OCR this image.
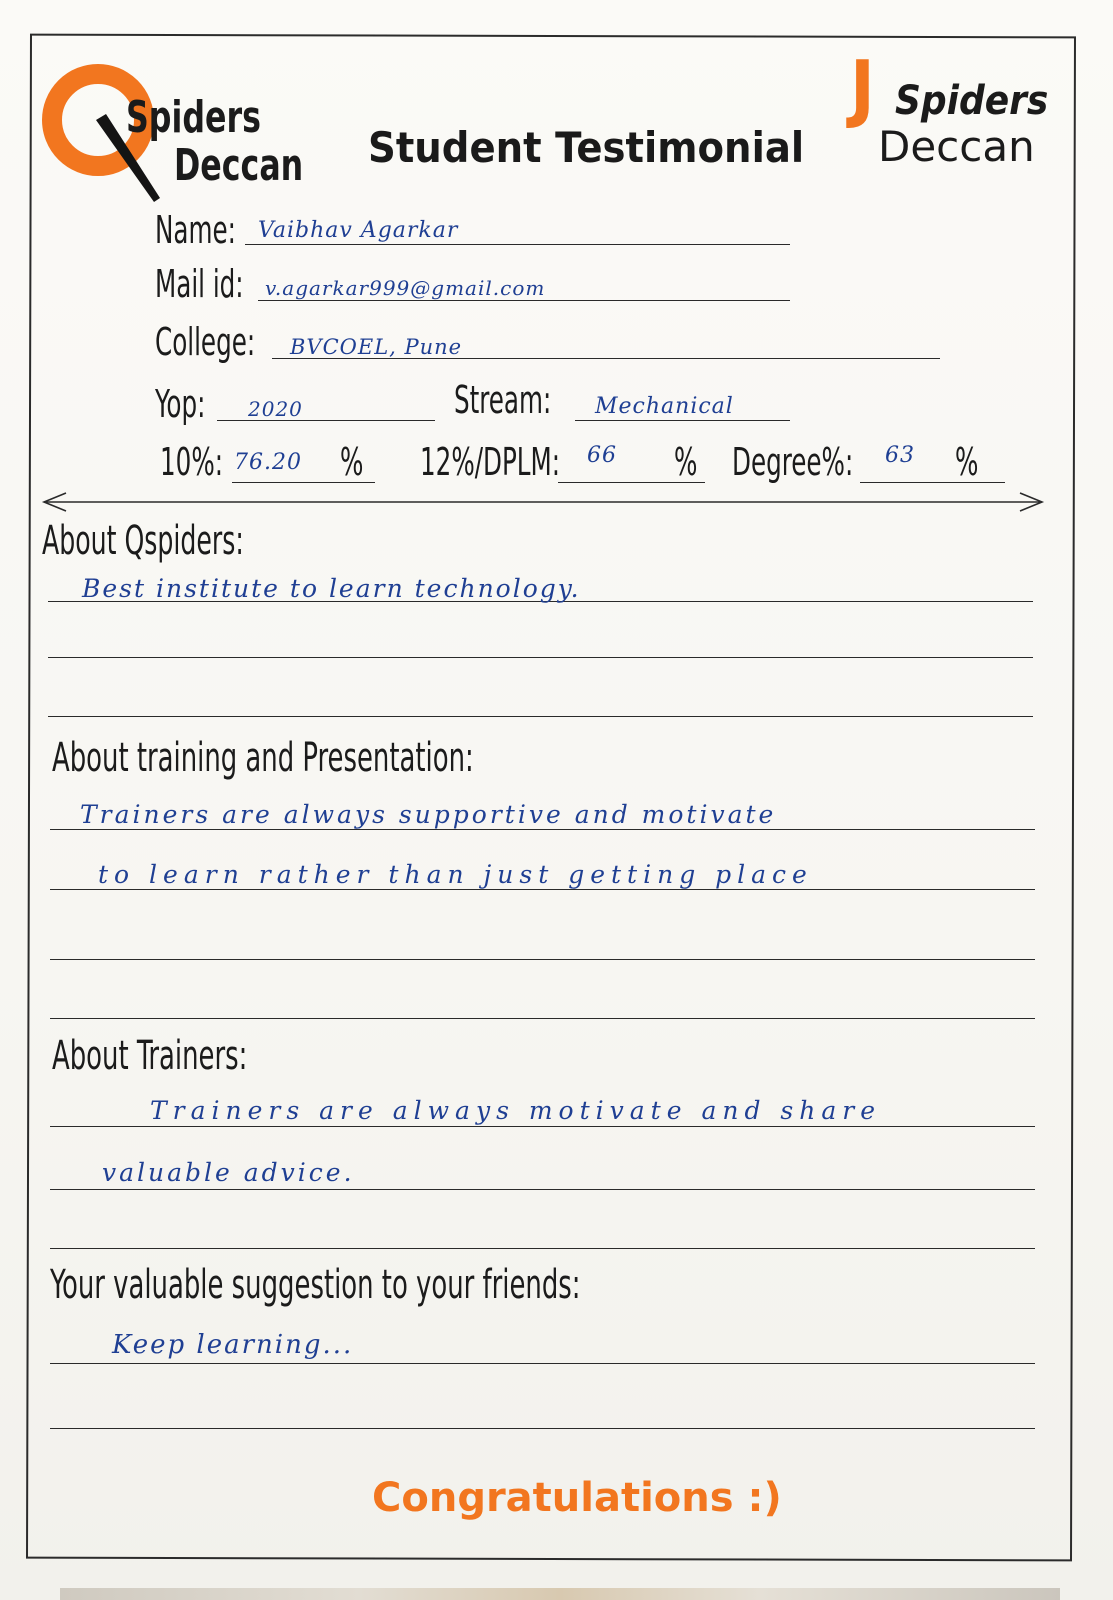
Spiders
Deccan Student Testimonial
J Spiders
Deccan
Name: Vaibhav Agarkar
Mail id: v.agarkar999@gmail.com
College: BVCOEL, Pune
Yop: 2020	Stream: Mechanical
10%: 76.20 % 12%/DPLM: 66 % Degree%: 63 %
About Qspiders:
Best institute to learn technology.
About training and Presentation:
Trainers are always supportive and motivate
to learn rather than just getting place
About Trainers:
Trainers are always motivate and share
valuable advice.
Your valuable suggestion to your friends:
Keep learning...
Congratulations :)
